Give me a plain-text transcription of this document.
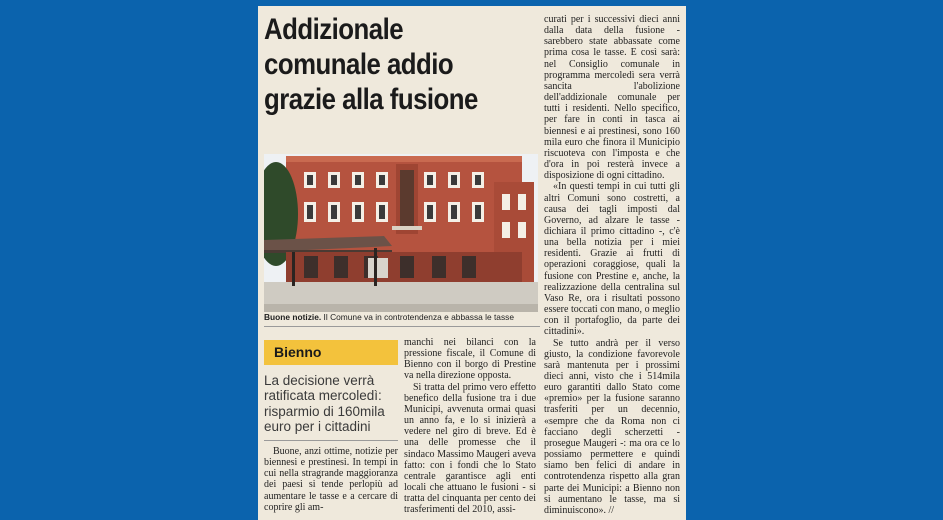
Addizionale
comunale addio
grazie alla fusione
Buone notizie. Il Comune va in controtendenza e abbassa le tasse
Bienno
La decisione verrà
ratificata mercoledì:
risparmio di 160mila
euro per i cittadini

Buone, anzi ottime, notizie per biennesi e prestinesi. In tempi in cui nella stragrande maggioranza dei paesi si tende perlopiù ad aumentare le tasse e a cercare di coprire gli am-

manchi nei bilanci con la pressione fiscale, il Comune di Bienno con il borgo di Prestine va nella direzione opposta.

Si tratta del primo vero effetto benefico della fusione tra i due Municipi, avvenuta ormai quasi un anno fa, e lo si inizierà a vedere nel giro di breve. Ed è una delle promesse che il sindaco Massimo Maugeri aveva fatto: con i fondi che lo Stato centrale garantisce agli enti locali che attuano le fusioni - si tratta del cinquanta per cento dei trasferimenti del 2010, assi-

curati per i successivi dieci anni dalla data della fusione - sarebbero state abbassate come prima cosa le tasse. E così sarà: nel Consiglio comunale in programma mercoledì sera verrà sancita l'abolizione dell'addizionale comunale per tutti i residenti. Nello specifico, per fare in conti in tasca ai biennesi e ai prestinesi, sono 160 mila euro che finora il Municipio riscuoteva con l'imposta e che d'ora in poi resterà invece a disposizione di ogni cittadino.

«In questi tempi in cui tutti gli altri Comuni sono costretti, a causa dei tagli imposti dal Governo, ad alzare le tasse - dichiara il primo cittadino -, c'è una bella notizia per i miei residenti. Grazie ai frutti di operazioni coraggiose, quali la fusione con Prestine e, anche, la realizzazione della centralina sul Vaso Re, ora i risultati possono essere toccati con mano, o meglio con il portafoglio, da parte dei cittadini».

Se tutto andrà per il verso giusto, la condizione favorevole sarà mantenuta per i prossimi dieci anni, visto che i 514mila euro garantiti dallo Stato come «premio» per la fusione saranno trasferiti per un decennio, «sempre che da Roma non ci facciano degli scherzetti - prosegue Maugeri -: ma ora ce lo possiamo permettere e quindi siamo ben felici di andare in controtendenza rispetto alla gran parte dei Municipi: a Bienno non si aumentano le tasse, ma si diminuiscono». //
